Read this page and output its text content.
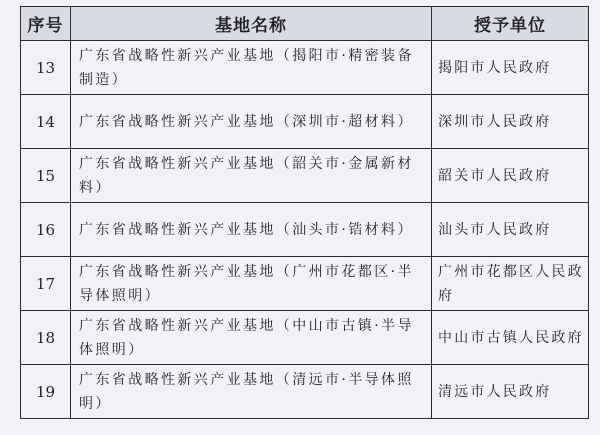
序号	基地名称	授予单位
13	广东省战略性新兴产业基地（揭阳市·精密装备制造）	揭阳市人民政府
14	广东省战略性新兴产业基地（深圳市·超材料）	深圳市人民政府
15	广东省战略性新兴产业基地（韶关市·金属新材料）	韶关市人民政府
16	广东省战略性新兴产业基地（汕头市·锆材料）	汕头市人民政府
17	广东省战略性新兴产业基地（广州市花都区·半导体照明）	广州市花都区人民政府
18	广东省战略性新兴产业基地（中山市古镇·半导体照明）	中山市古镇人民政府
19	广东省战略性新兴产业基地（清远市·半导体照明）	清远市人民政府
